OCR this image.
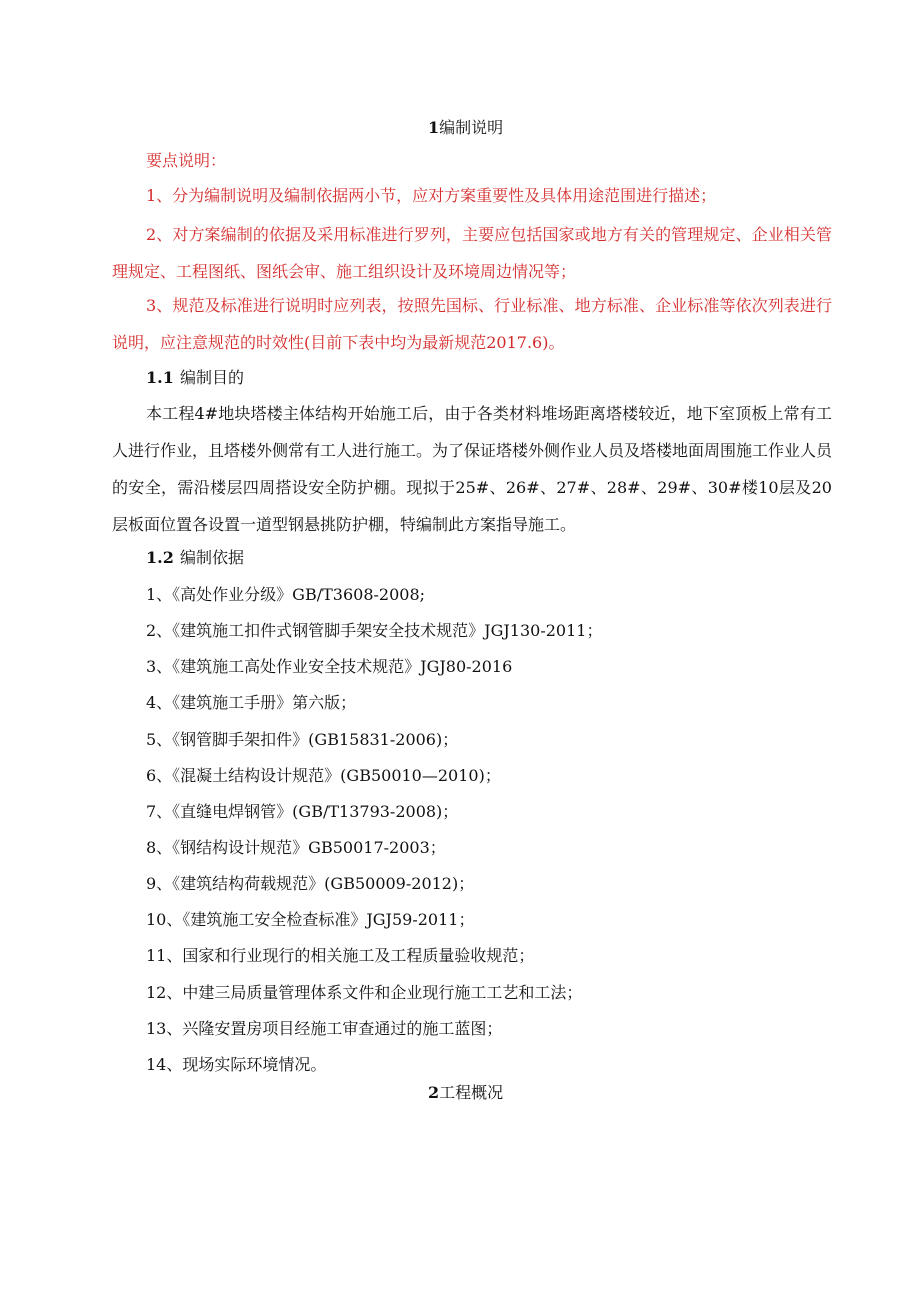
1编制说明
要点说明：
1、分为编制说明及编制依据两小节，应对方案重要性及具体用途范围进行描述；
2、对方案编制的依据及采用标准进行罗列，主要应包括国家或地方有关的管理规定、企业相关管理规定、工程图纸、图纸会审、施工组织设计及环境周边情况等；
3、规范及标准进行说明时应列表，按照先国标、行业标准、地方标准、企业标准等依次列表进行说明，应注意规范的时效性(目前下表中均为最新规范2017.6)。
1.1 编制目的
本工程4#地块塔楼主体结构开始施工后，由于各类材料堆场距离塔楼较近，地下室顶板上常有工人进行作业，且塔楼外侧常有工人进行施工。为了保证塔楼外侧作业人员及塔楼地面周围施工作业人员的安全，需沿楼层四周搭设安全防护棚。现拟于25#、26#、27#、28#、29#、30#楼10层及20层板面位置各设置一道型钢悬挑防护棚，特编制此方案指导施工。
1.2 编制依据
1、《高处作业分级》GB/T3608-2008;
2、《建筑施工扣件式钢管脚手架安全技术规范》JGJ130-2011；
3、《建筑施工高处作业安全技术规范》JGJ80-2016
4、《建筑施工手册》第六版；
5、《钢管脚手架扣件》(GB15831-2006)；
6、《混凝土结构设计规范》(GB50010—2010)；
7、《直缝电焊钢管》(GB/T13793-2008)；
8、《钢结构设计规范》GB50017-2003；
9、《建筑结构荷载规范》(GB50009-2012)；
10、《建筑施工安全检查标准》JGJ59-2011；
11、国家和行业现行的相关施工及工程质量验收规范；
12、中建三局质量管理体系文件和企业现行施工工艺和工法；
13、兴隆安置房项目经施工审查通过的施工蓝图；
14、现场实际环境情况。
2工程概况
